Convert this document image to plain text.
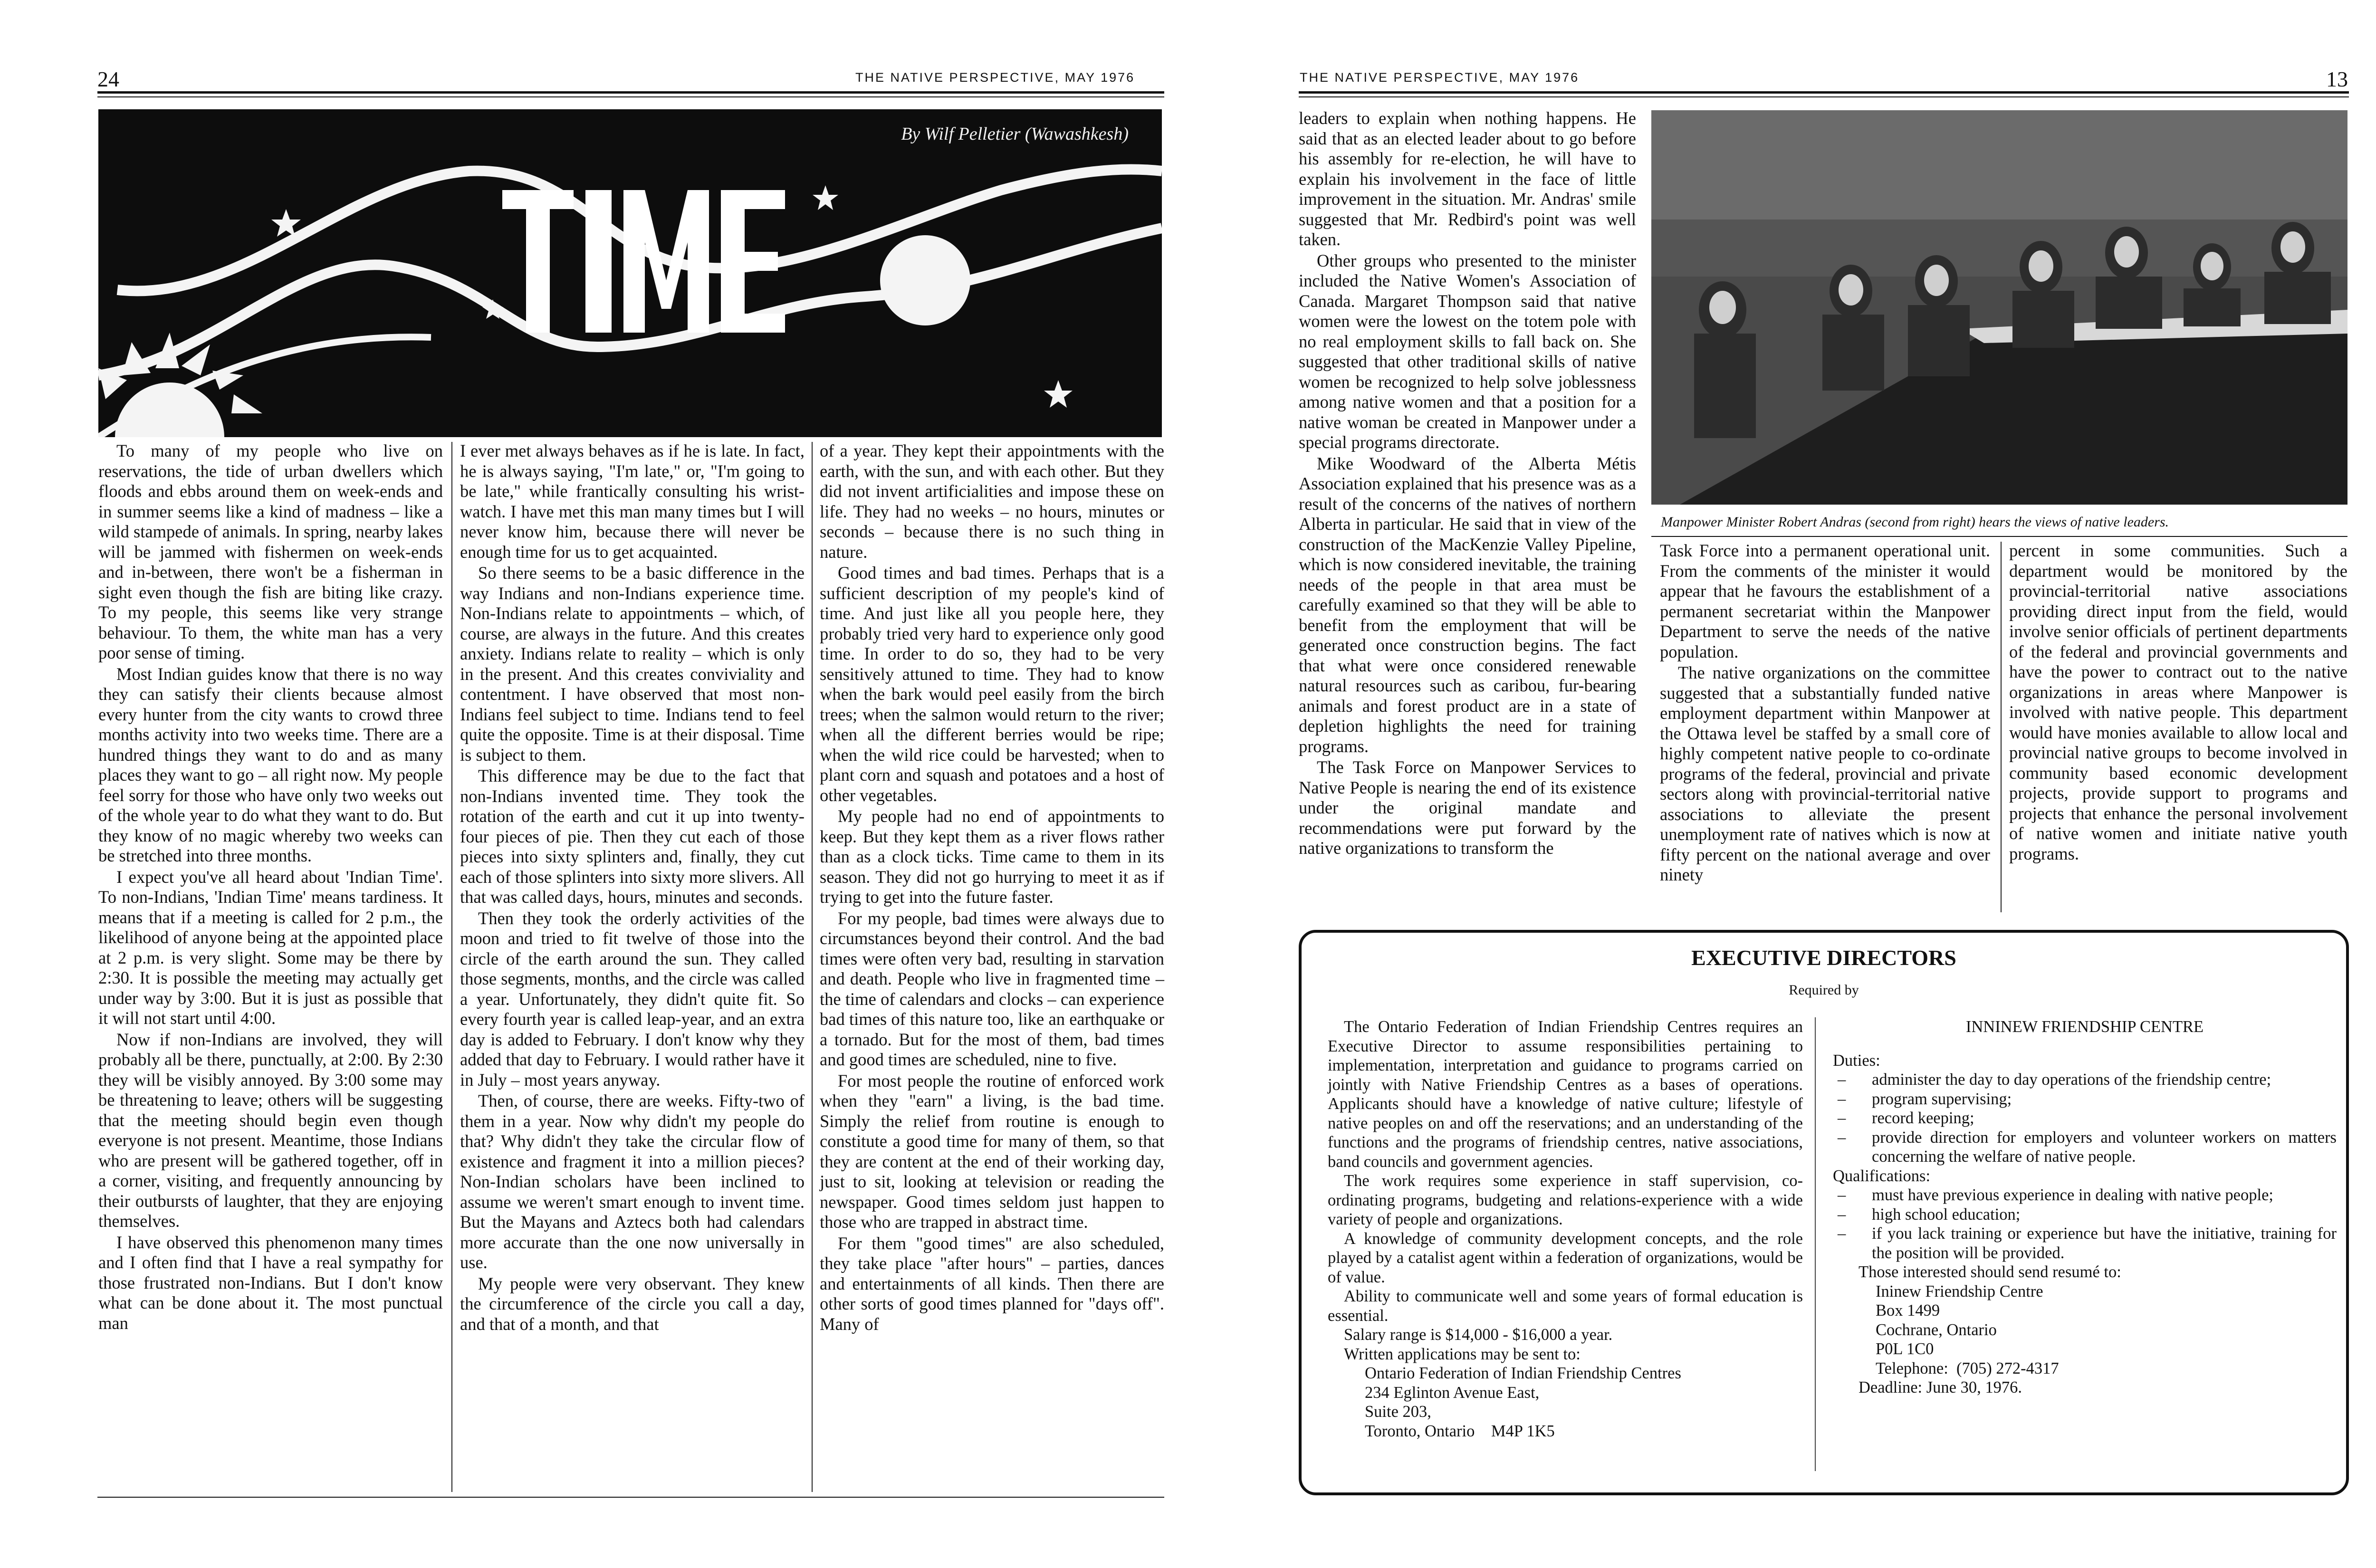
24	THE NATIVE PERSPECTIVE, MAY 1976
By Wilf Pelletier (Wawashkesh)

To many of my people who live on reservations, the tide of urban dwellers which floods and ebbs around them on week-ends and in summer seems like a kind of madness – like a wild stampede of animals. In spring, nearby lakes will be jammed with fishermen on week-ends and in-between, there won't be a fisherman in sight even though the fish are biting like crazy. To my people, this seems like very strange behaviour. To them, the white man has a very poor sense of timing.

Most Indian guides know that there is no way they can satisfy their clients because almost every hunter from the city wants to crowd three months activity into two weeks time. There are a hundred things they want to do and as many places they want to go – all right now. My people feel sorry for those who have only two weeks out of the whole year to do what they want to do. But they know of no magic whereby two weeks can be stretched into three months.

I expect you've all heard about 'Indian Time'. To non-Indians, 'Indian Time' means tardiness. It means that if a meeting is called for 2 p.m., the likelihood of anyone being at the appointed place at 2 p.m. is very slight. Some may be there by 2:30. It is possible the meeting may actually get under way by 3:00. But it is just as possible that it will not start until 4:00.

Now if non-Indians are involved, they will probably all be there, punctually, at 2:00. By 2:30 they will be visibly annoyed. By 3:00 some may be threatening to leave; others will be suggesting that the meeting should begin even though everyone is not present. Meantime, those Indians who are present will be gathered together, off in a corner, visiting, and frequently announcing by their outbursts of laughter, that they are enjoying themselves.

I have observed this phenomenon many times and I often find that I have a real sympathy for those frustrated non-Indians. But I don't know what can be done about it. The most punctual man

I ever met always behaves as if he is late. In fact, he is always saying, "I'm late," or, "I'm going to be late," while frantically consulting his wrist-watch. I have met this man many times but I will never know him, because there will never be enough time for us to get acquainted.

So there seems to be a basic difference in the way Indians and non-Indians experience time. Non-Indians relate to appointments – which, of course, are always in the future. And this creates anxiety. Indians relate to reality – which is only in the present. And this creates conviviality and contentment. I have observed that most non-Indians feel subject to time. Indians tend to feel quite the opposite. Time is at their disposal. Time is subject to them.

This difference may be due to the fact that non-Indians invented time. They took the rotation of the earth and cut it up into twenty-four pieces of pie. Then they cut each of those pieces into sixty splinters and, finally, they cut each of those splinters into sixty more slivers. All that was called days, hours, minutes and seconds.

Then they took the orderly activities of the moon and tried to fit twelve of those into the circle of the earth around the sun. They called those segments, months, and the circle was called a year. Unfortunately, they didn't quite fit. So every fourth year is called leap-year, and an extra day is added to February. I don't know why they added that day to February. I would rather have it in July – most years anyway.

Then, of course, there are weeks. Fifty-two of them in a year. Now why didn't my people do that? Why didn't they take the circular flow of existence and fragment it into a million pieces? Non-Indian scholars have been inclined to assume we weren't smart enough to invent time. But the Mayans and Aztecs both had calendars more accurate than the one now universally in use.

My people were very observant. They knew the circumference of the circle you call a day, and that of a month, and that

of a year. They kept their appointments with the earth, with the sun, and with each other. But they did not invent artificialities and impose these on life. They had no weeks – no hours, minutes or seconds – because there is no such thing in nature.

Good times and bad times. Perhaps that is a sufficient description of my people's kind of time. And just like all you people here, they probably tried very hard to experience only good time. In order to do so, they had to be very sensitively attuned to time. They had to know when the bark would peel easily from the birch trees; when the salmon would return to the river; when all the different berries would be ripe; when the wild rice could be harvested; when to plant corn and squash and potatoes and a host of other vegetables.

My people had no end of appointments to keep. But they kept them as a river flows rather than as a clock ticks. Time came to them in its season. They did not go hurrying to meet it as if trying to get into the future faster.

For my people, bad times were always due to circumstances beyond their control. And the bad times were often very bad, resulting in starvation and death. People who live in fragmented time – the time of calendars and clocks – can experience bad times of this nature too, like an earthquake or a tornado. But for the most of them, bad times and good times are scheduled, nine to five.

For most people the routine of enforced work when they "earn" a living, is the bad time. Simply the relief from routine is enough to constitute a good time for many of them, so that they are content at the end of their working day, just to sit, looking at television or reading the newspaper. Good times seldom just happen to those who are trapped in abstract time.

For them "good times" are also scheduled, they take place "after hours" – parties, dances and entertainments of all kinds. Then there are other sorts of good times planned for "days off". Many of

THE NATIVE PERSPECTIVE, MAY 1976	13

leaders to explain when nothing happens. He said that as an elected leader about to go before his assembly for re-election, he will have to explain his involvement in the face of little improvement in the situation. Mr. Andras' smile suggested that Mr. Redbird's point was well taken.

Other groups who presented to the minister included the Native Women's Association of Canada. Margaret Thompson said that native women were the lowest on the totem pole with no real employment skills to fall back on. She suggested that other traditional skills of native women be recognized to help solve joblessness among native women and that a position for a native woman be created in Manpower under a special programs directorate.

Mike Woodward of the Alberta Métis Association explained that his presence was as a result of the concerns of the natives of northern Alberta in particular. He said that in view of the construction of the MacKenzie Valley Pipeline, which is now considered inevitable, the training needs of the people in that area must be carefully examined so that they will be able to benefit from the employment that will be generated once construction begins. The fact that what were once considered renewable natural resources such as caribou, fur-bearing animals and forest product are in a state of depletion highlights the need for training programs.

The Task Force on Manpower Services to Native People is nearing the end of its existence under the original mandate and recommendations were put forward by the native organizations to transform the

Manpower Minister Robert Andras (second from right) hears the views of native leaders.

Task Force into a permanent operational unit. From the comments of the minister it would appear that he favours the establishment of a permanent secretariat within the Manpower Department to serve the needs of the native population.

The native organizations on the committee suggested that a substantially funded native employment department within Manpower at the Ottawa level be staffed by a small core of highly competent native people to co-ordinate programs of the federal, provincial and private sectors along with provincial-territorial native associations to alleviate the present unemployment rate of natives which is now at fifty percent on the national average and over ninety

percent in some communities. Such a department would be monitored by the provincial-territorial native associations providing direct input from the field, would involve senior officials of pertinent departments of the federal and provincial governments and have the power to contract out to the native organizations in areas where Manpower is involved with native people. This department would have monies available to allow local and provincial native groups to become involved in community based economic development projects, provide support to programs and projects that enhance the personal involvement of native women and initiate native youth programs.

EXECUTIVE DIRECTORS
Required by

The Ontario Federation of Indian Friendship Centres requires an Executive Director to assume responsibilities pertaining to implementation, interpretation and guidance to programs carried on jointly with Native Friendship Centres as a bases of operations. Applicants should have a knowledge of native culture; lifestyle of native peoples on and off the reservations; and an understanding of the functions and the programs of friendship centres, native associations, band councils and government agencies.

The work requires some experience in staff supervision, co-ordinating programs, budgeting and relations-experience with a wide variety of people and organizations.

A knowledge of community development concepts, and the role played by a catalist agent within a federation of organizations, would be of value.

Ability to communicate well and some years of formal education is essential.

Salary range is $14,000 - $16,000 a year.

Written applications may be sent to:

Ontario Federation of Indian Friendship Centres

234 Eglinton Avenue East,

Suite 203,

Toronto, Ontario    M4P 1K5

INNINEW FRIENDSHIP CENTRE

Duties:

– administer the day to day operations of the friendship centre;

– program supervising;

– record keeping;

– provide direction for employers and volunteer workers on matters concerning the welfare of native people.

Qualifications:

– must have previous experience in dealing with native people;

– high school education;

– if you lack training or experience but have the initiative, training for the position will be provided.

Those interested should send resumé to:

Ininew Friendship Centre

Box 1499

Cochrane, Ontario

P0L 1C0

Telephone:  (705) 272-4317

Deadline: June 30, 1976.
